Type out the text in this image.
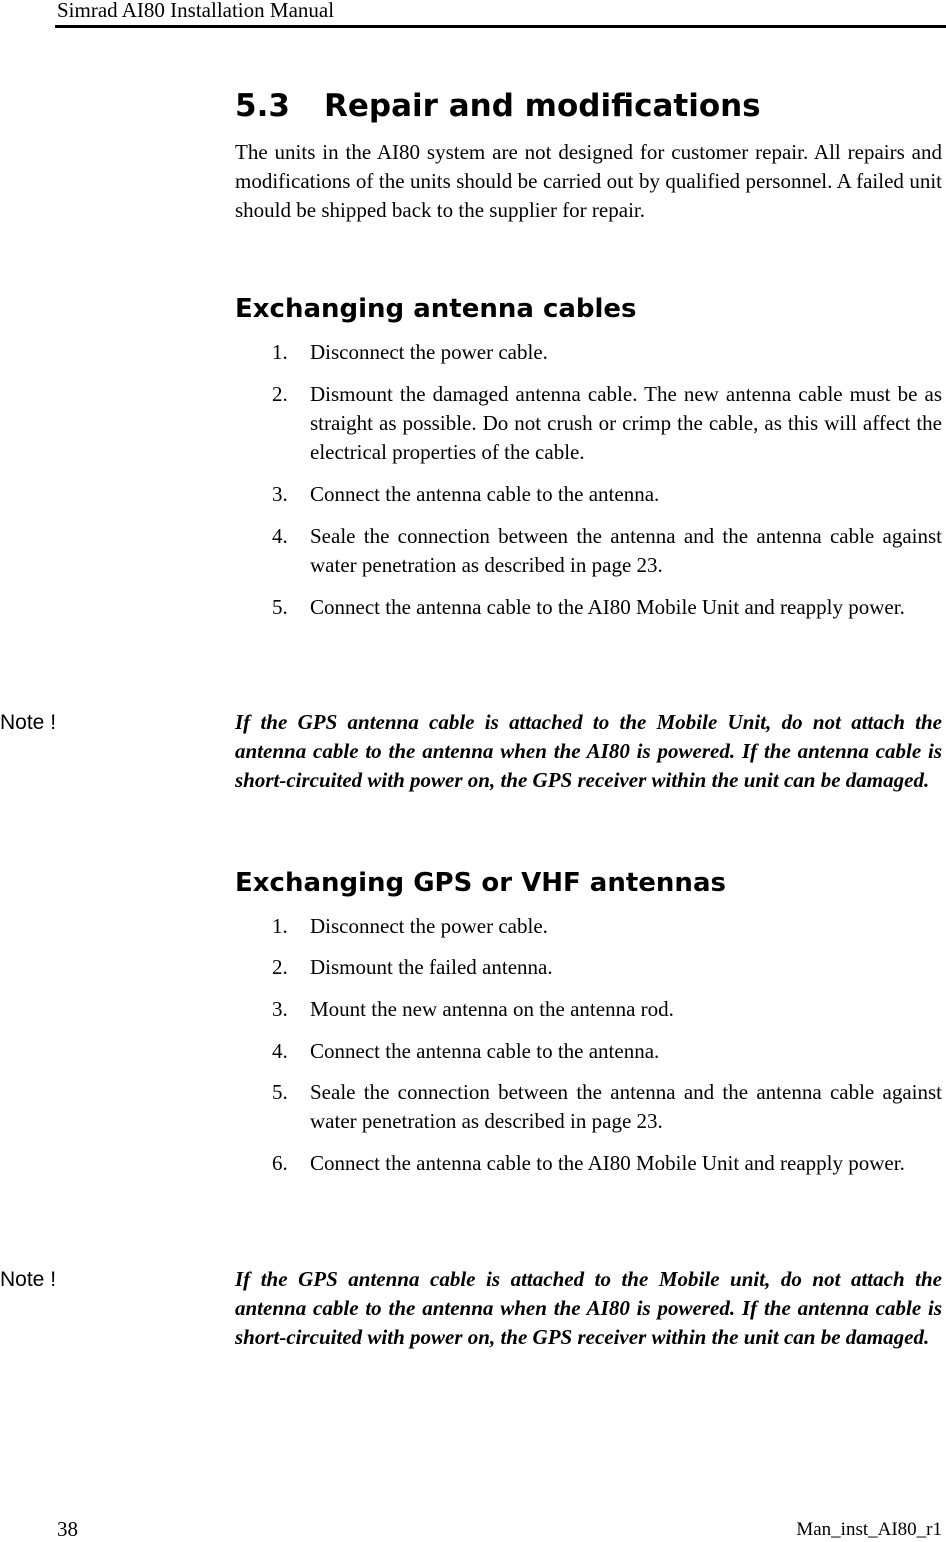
Simrad AI80 Installation Manual
5.3 Repair and modifications

The units in the AI80 system are not designed for customer repair. All repairs and modifications of the units should be carried out by qualified personnel. A failed unit should be shipped back to the supplier for repair.

Exchanging antenna cables
1.	Disconnect the power cable.
2.	Dismount the damaged antenna cable. The new antenna cable must be as straight as possible. Do not crush or crimp the cable, as this will affect the electrical properties of the cable.
3.	Connect the antenna cable to the antenna.
4.	Seale the connection between the antenna and the antenna cable against water penetration as described in page 23.
5.	Connect the antenna cable to the AI80 Mobile Unit and reapply power.
Note !	If the GPS antenna cable is attached to the Mobile Unit, do not attach the antenna cable to the antenna when the AI80 is powered. If the antenna cable is short-circuited with power on, the GPS receiver within the unit can be damaged.

Exchanging GPS or VHF antennas
1.	Disconnect the power cable.
2.	Dismount the failed antenna.
3.	Mount the new antenna on the antenna rod.
4.	Connect the antenna cable to the antenna.
5.	Seale the connection between the antenna and the antenna cable against water penetration as described in page 23.
6.	Connect the antenna cable to the AI80 Mobile Unit and reapply power.
Note !	If the GPS antenna cable is attached to the Mobile unit, do not attach the antenna cable to the antenna when the AI80 is powered. If the antenna cable is short-circuited with power on, the GPS receiver within the unit can be damaged.

38	Man_inst_AI80_r1
